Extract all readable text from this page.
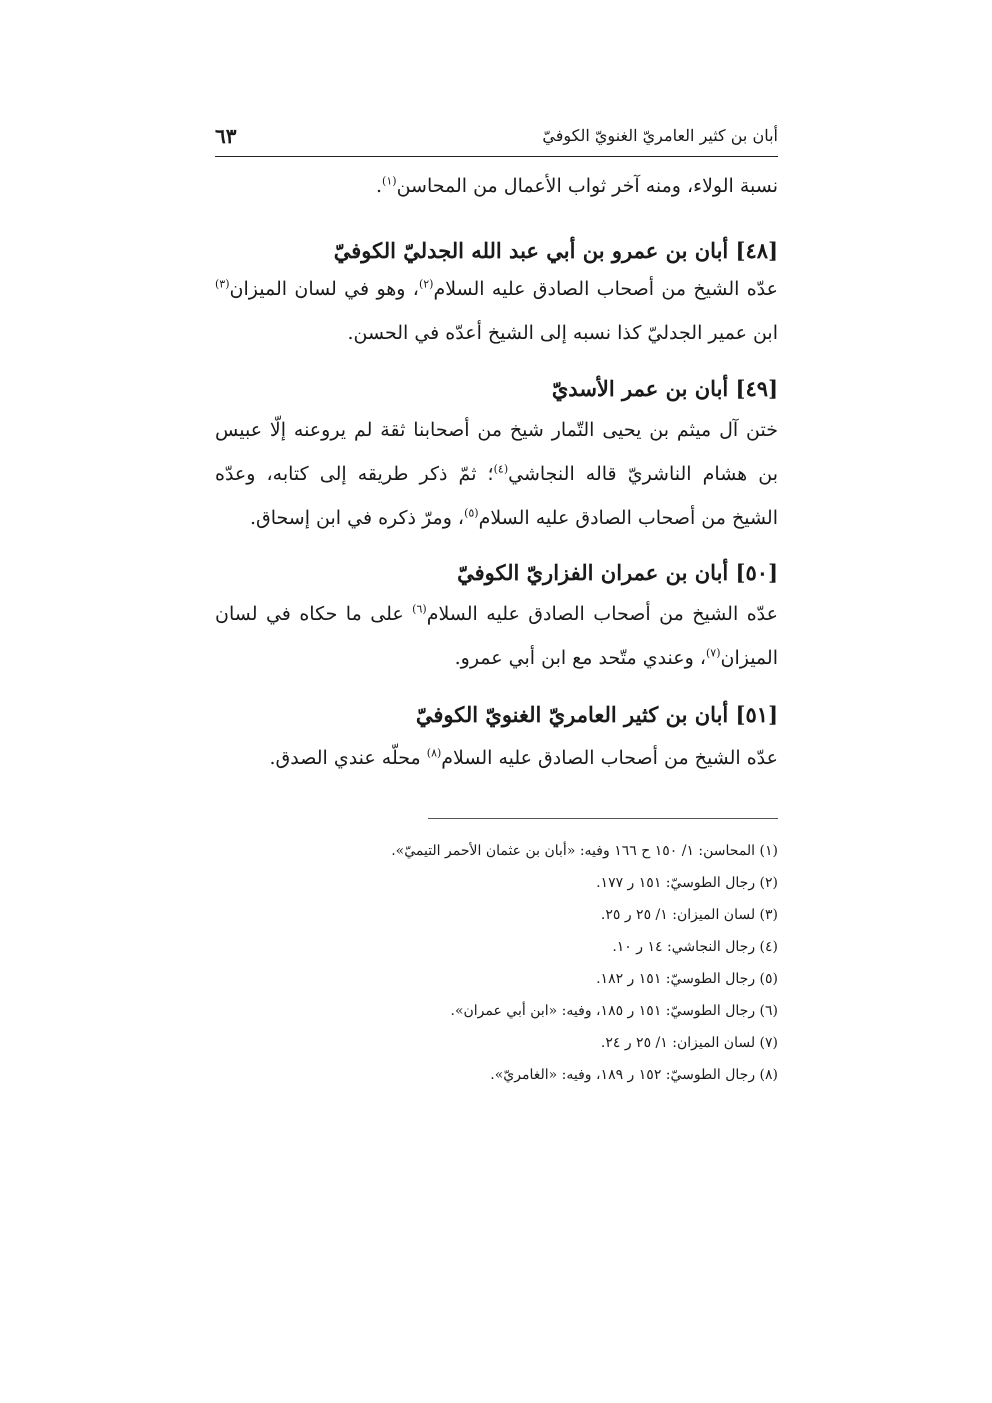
أبان بن كثير العامريّ الغنويّ الكوفيّ
٦٣

نسبة الولاء، ومنه آخر ثواب الأعمال من المحاسن$^{(١)}$.

[٤٨] أبان بن عمرو بن أبي عبد الله الجدليّ الكوفيّ

عدّه الشيخ من أصحاب الصادق عليه السلام$^{(٢)}$، وهو في لسان الميزان$^{(٣)}$ ابن عمير الجدليّ كذا نسبه إلى الشيخ أعدّه في الحسن.

[٤٩] أبان بن عمر الأسديّ

ختن آل ميثم بن يحيى التّمار شيخ من أصحابنا ثقة لم يروعنه إلّا عبيس بن هشام الناشريّ قاله النجاشي$^{(٤)}$؛ ثمّ ذكر طريقه إلى كتابه، وعدّه الشيخ من أصحاب الصادق عليه السلام$^{(٥)}$، ومرّ ذكره في ابن إسحاق.

[٥٠] أبان بن عمران الفزاريّ الكوفيّ

عدّه الشيخ من أصحاب الصادق عليه السلام$^{(٦)}$ على ما حكاه في لسان الميزان$^{(٧)}$، وعندي متّحد مع ابن أبي عمرو.

[٥١] أبان بن كثير العامريّ الغنويّ الكوفيّ

عدّه الشيخ من أصحاب الصادق عليه السلام$^{(٨)}$ محلّه عندي الصدق.

(١) المحاسن: ١/ ١٥٠ ح ١٦٦ وفيه: «أبان بن عثمان الأحمر التيميّ».
(٢) رجال الطوسيّ: ١٥١ ر ١٧٧.
(٣) لسان الميزان: ١/ ٢٥ ر ٢٥.
(٤) رجال النجاشي: ١٤ ر ١٠.
(٥) رجال الطوسيّ: ١٥١ ر ١٨٢.
(٦) رجال الطوسيّ: ١٥١ ر ١٨٥، وفيه: «ابن أبي عمران».
(٧) لسان الميزان: ١/ ٢٥ ر ٢٤.
(٨) رجال الطوسيّ: ١٥٢ ر ١٨٩، وفيه: «الغامريّ».
